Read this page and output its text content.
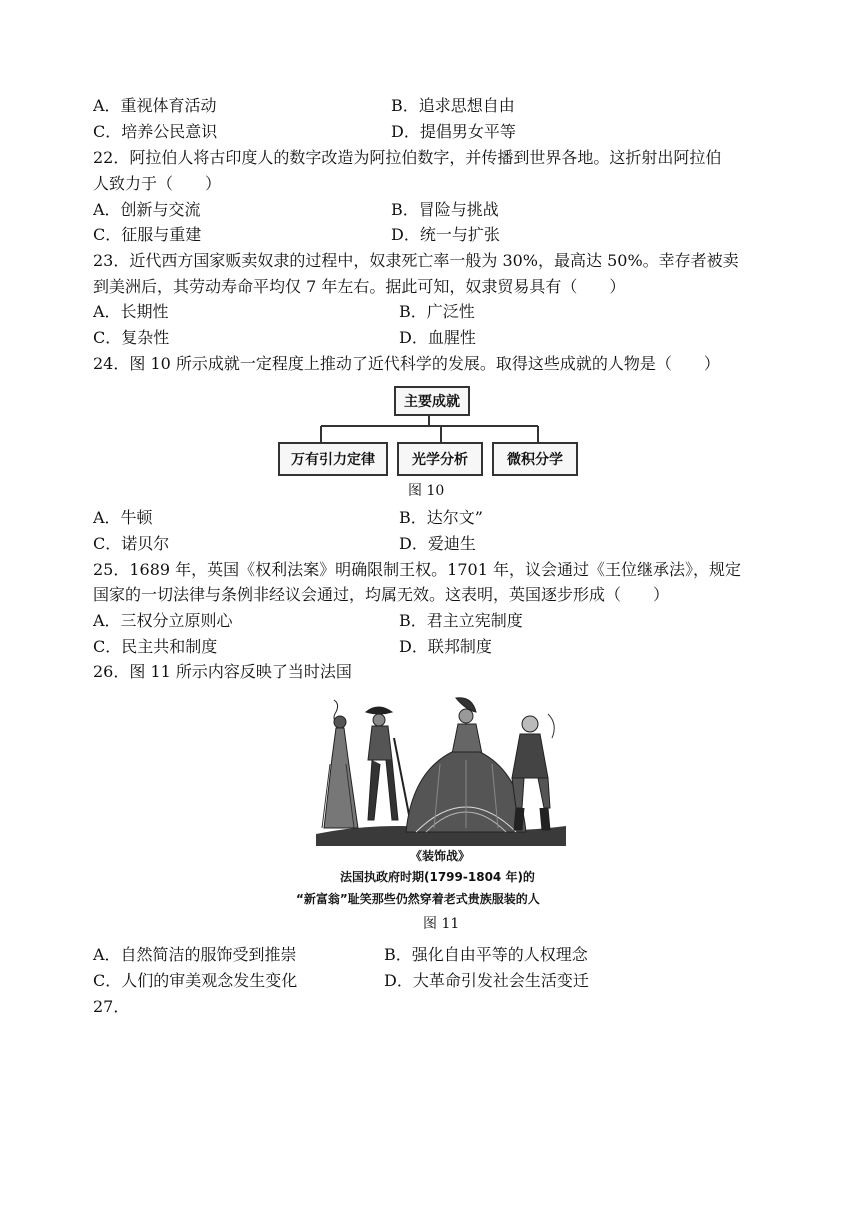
A．重视体育活动	B．追求思想自由
C．培养公民意识	D．提倡男女平等
22．阿拉伯人将古印度人的数字改造为阿拉伯数字，并传播到世界各地。这折射出阿拉伯
人致力于（　　）
A．创新与交流	B．冒险与挑战
C．征服与重建	D．统一与扩张
23．近代西方国家贩卖奴隶的过程中，奴隶死亡率一般为 30%，最高达 50%。幸存者被卖
到美洲后，其劳动寿命平均仅 7 年左右。据此可知，奴隶贸易具有（　　）
A．长期性	B．广泛性
C．复杂性	D．血腥性
24．图 10 所示成就一定程度上推动了近代科学的发展。取得这些成就的人物是（　　）
主要成就
万有引力定律	光学分析	微积分学
图 10
A．牛顿	B．达尔文”
C．诺贝尔	D．爱迪生
25．1689 年，英国《权利法案》明确限制王权。1701 年，议会通过《王位继承法》，规定
国家的一切法律与条例非经议会通过，均属无效。这表明，英国逐步形成（　　）
A．三权分立原则心	B．君主立宪制度
C．民主共和制度	D．联邦制度
26．图 11 所示内容反映了当时法国
《装饰战》
法国执政府时期(1799-1804 年)的
“新富翁”耻笑那些仍然穿着老式贵族服装的人
图 11
A．自然简洁的服饰受到推崇	B．强化自由平等的人权理念
C．人们的审美观念发生变化	D．大革命引发社会生活变迁
27．
